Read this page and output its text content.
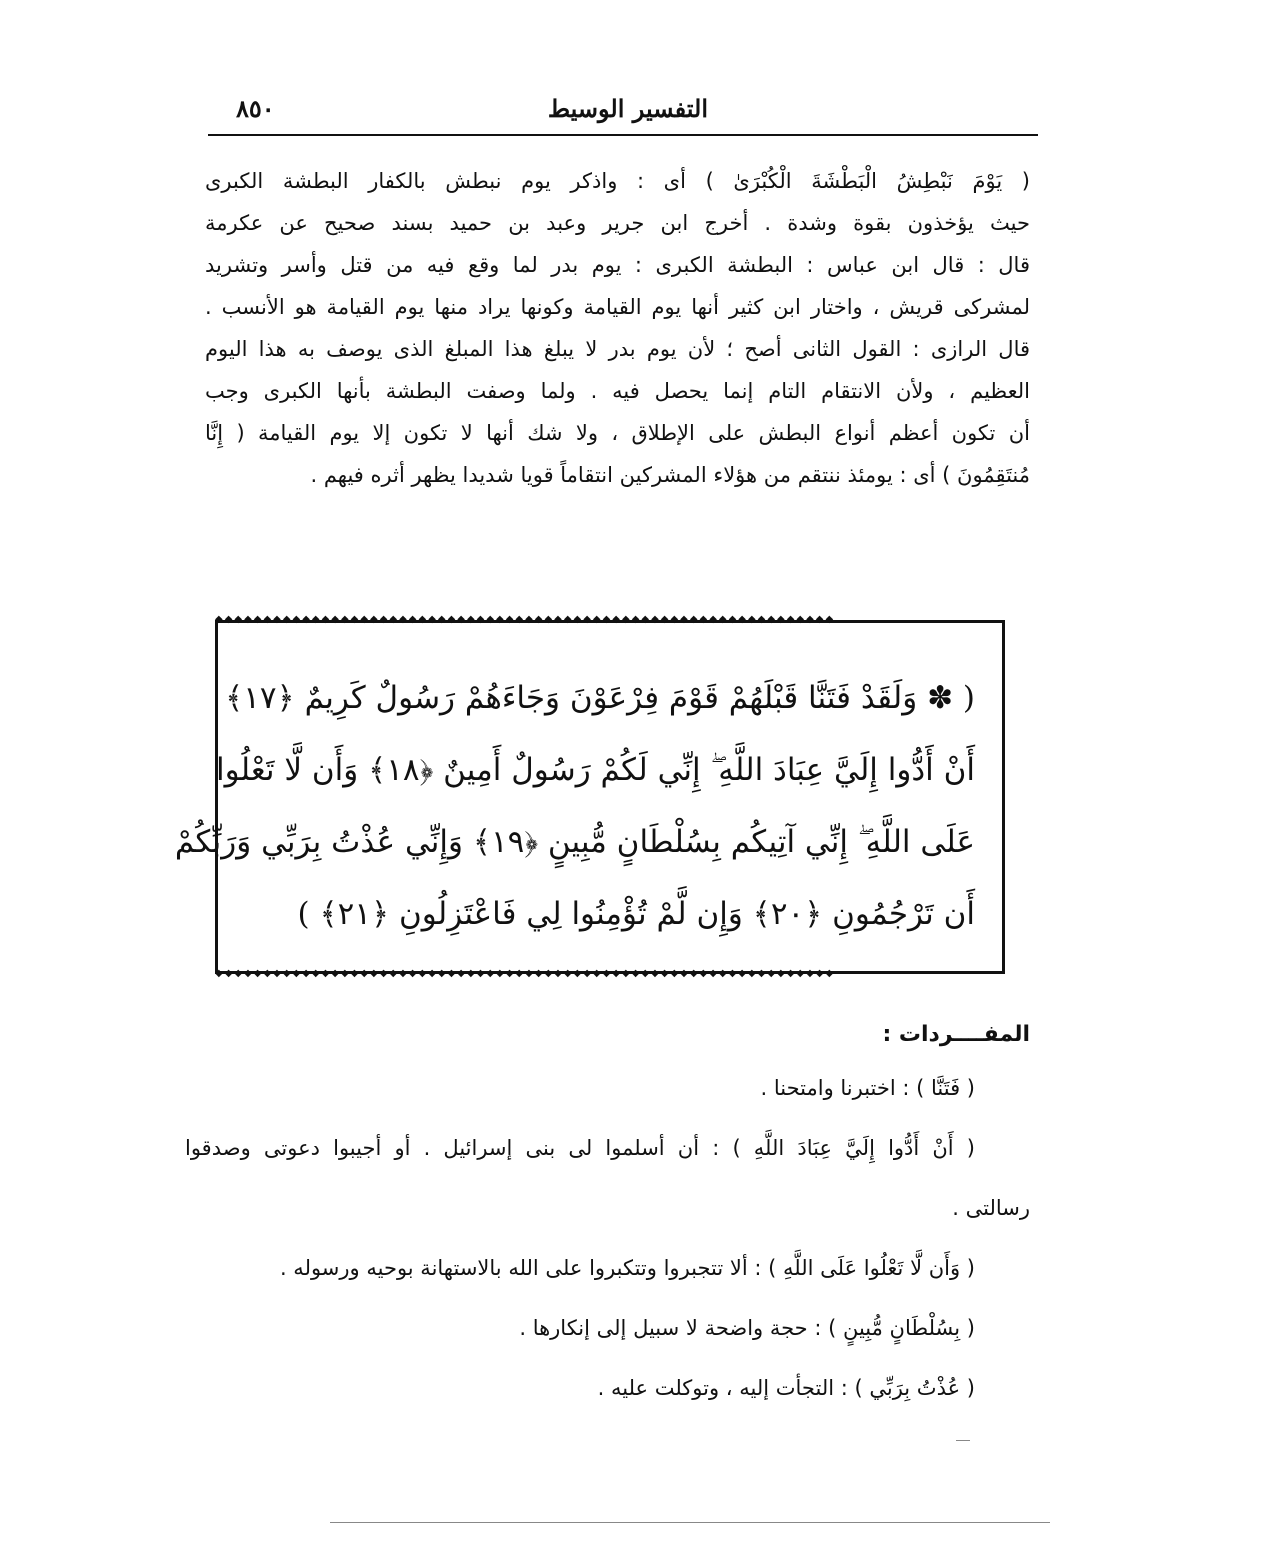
التفسير الوسيط
٨٥٠
( يَوْمَ نَبْطِشُ الْبَطْشَةَ الْكُبْرَىٰ ) أى : واذكر يوم نبطش بالكفار البطشة الكبرى
حيث يؤخذون بقوة وشدة . أخرج ابن جرير وعبد بن حميد بسند صحيح عن عكرمة
قال : قال ابن عباس : البطشة الكبرى : يوم بدر لما وقع فيه من قتل وأسر وتشريد
لمشركى قريش ، واختار ابن كثير أنها يوم القيامة وكونها يراد منها يوم القيامة هو الأنسب .
قال الرازى : القول الثانى أصح ؛ لأن يوم بدر لا يبلغ هذا المبلغ الذى يوصف به هذا اليوم
العظيم ، ولأن الانتقام التام إنما يحصل فيه . ولما وصفت البطشة بأنها الكبرى وجب
أن تكون أعظم أنواع البطش على الإطلاق ، ولا شك أنها لا تكون إلا يوم القيامة ( إِنَّا
مُنتَقِمُونَ ) أى : يومئذ ننتقم من هؤلاء المشركين انتقاماً قويا شديدا يظهر أثره فيهم .
◆◆◆◆◆◆◆◆◆◆◆◆◆◆◆◆◆◆◆◆◆◆◆◆◆◆◆◆◆◆◆◆◆◆◆◆◆◆◆◆◆◆◆◆◆◆◆◆◆◆◆◆◆◆◆◆◆◆◆◆◆◆◆◆
◆◆◆◆◆◆◆◆◆◆◆◆◆◆◆◆◆◆◆◆◆◆◆◆◆◆◆◆◆◆◆◆◆◆◆◆◆◆◆◆◆◆◆◆◆◆◆◆◆◆◆◆◆◆◆◆◆◆◆◆◆◆◆◆
( ✽ وَلَقَدْ فَتَنَّا قَبْلَهُمْ قَوْمَ فِرْعَوْنَ وَجَاءَهُمْ رَسُولٌ كَرِيمٌ ﴿١٧﴾
أَنْ أَدُّوا إِلَيَّ عِبَادَ اللَّهِ ۖ إِنِّي لَكُمْ رَسُولٌ أَمِينٌ ﴿١٨﴾ وَأَن لَّا تَعْلُوا
عَلَى اللَّهِ ۖ إِنِّي آتِيكُم بِسُلْطَانٍ مُّبِينٍ ﴿١٩﴾ وَإِنِّي عُذْتُ بِرَبِّي وَرَبِّكُمْ
أَن تَرْجُمُونِ ﴿٢٠﴾ وَإِن لَّمْ تُؤْمِنُوا لِي فَاعْتَزِلُونِ ﴿٢١﴾ )
المفــــردات :
( فَتَنَّا ) : اختبرنا وامتحنا .
( أَنْ أَدُّوا إِلَيَّ عِبَادَ اللَّهِ ) : أن أسلموا لى بنى إسرائيل . أو أجيبوا دعوتى وصدقوا
رسالتى .
( وَأَن لَّا تَعْلُوا عَلَى اللَّهِ ) : ألا تتجبروا وتتكبروا على الله بالاستهانة بوحيه ورسوله .
( بِسُلْطَانٍ مُّبِينٍ ) : حجة واضحة لا سبيل إلى إنكارها .
( عُذْتُ بِرَبِّي ) : التجأت إليه ، وتوكلت عليه .
